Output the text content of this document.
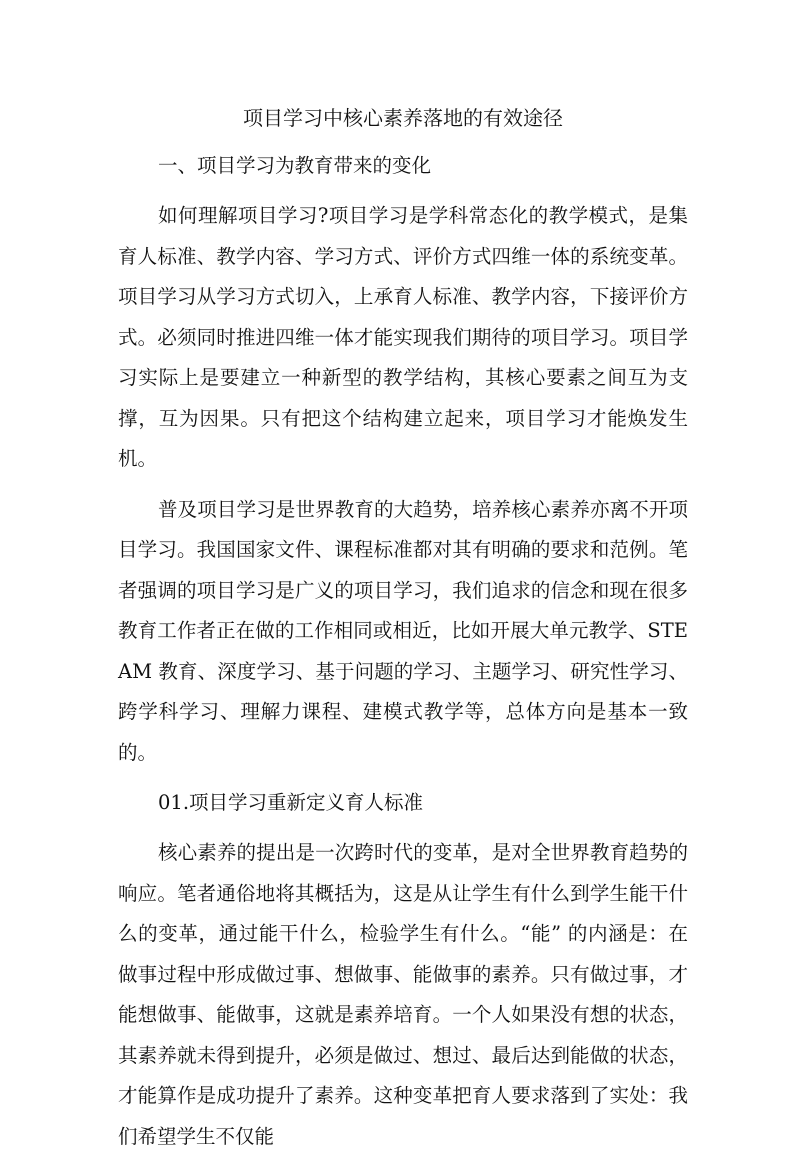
项目学习中核心素养落地的有效途径
一、项目学习为教育带来的变化

如何理解项目学习?项目学习是学科常态化的教学模式，是集育人标准、教学内容、学习方式、评价方式四维一体的系统变革。项目学习从学习方式切入，上承育人标准、教学内容，下接评价方式。必须同时推进四维一体才能实现我们期待的项目学习。项目学习实际上是要建立一种新型的教学结构，其核心要素之间互为支撑，互为因果。只有把这个结构建立起来，项目学习才能焕发生机。

普及项目学习是世界教育的大趋势，培养核心素养亦离不开项目学习。我国国家文件、课程标准都对其有明确的要求和范例。笔者强调的项目学习是广义的项目学习，我们追求的信念和现在很多教育工作者正在做的工作相同或相近，比如开展大单元教学、STEAM 教育、深度学习、基于问题的学习、主题学习、研究性学习、跨学科学习、理解力课程、建模式教学等，总体方向是基本一致的。

01.项目学习重新定义育人标准

核心素养的提出是一次跨时代的变革，是对全世界教育趋势的响应。笔者通俗地将其概括为，这是从让学生有什么到学生能干什么的变革，通过能干什么，检验学生有什么。“能” 的内涵是：在做事过程中形成做过事、想做事、能做事的素养。只有做过事，才能想做事、能做事，这就是素养培育。一个人如果没有想的状态，其素养就未得到提升，必须是做过、想过、最后达到能做的状态，才能算作是成功提升了素养。这种变革把育人要求落到了实处：我们希望学生不仅能
